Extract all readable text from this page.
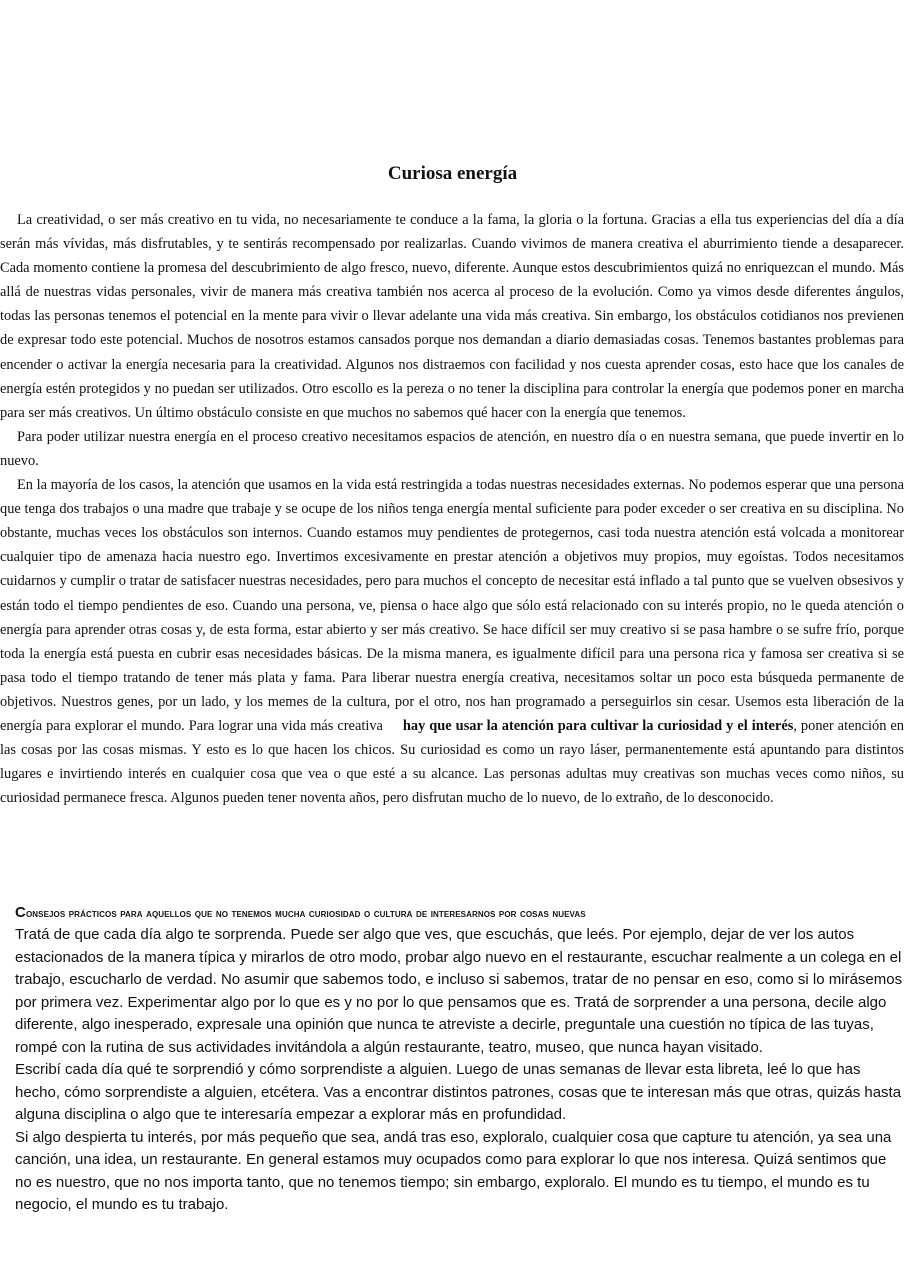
Curiosa energía

La creatividad, o ser más creativo en tu vida, no necesariamente te conduce a la fama, la gloria o la fortuna. Gracias a ella tus experiencias del día a día serán más vívidas, más disfrutables, y te sentirás recompensado por realizarlas. Cuando vivimos de manera creativa el aburrimiento tiende a desaparecer. Cada momento contiene la promesa del descubrimiento de algo fresco, nuevo, diferente. Aunque estos descubrimientos quizá no enriquezcan el mundo. Más allá de nuestras vidas personales, vivir de manera más creativa también nos acerca al proceso de la evolución. Como ya vimos desde diferentes ángulos, todas las personas tenemos el potencial en la mente para vivir o llevar adelante una vida más creativa. Sin embargo, los obstáculos cotidianos nos previenen de expresar todo este potencial. Muchos de nosotros estamos cansados porque nos demandan a diario demasiadas cosas. Tenemos bastantes problemas para encender o activar la energía necesaria para la creatividad. Algunos nos distraemos con facilidad y nos cuesta aprender cosas, esto hace que los canales de energía estén protegidos y no puedan ser utilizados. Otro escollo es la pereza o no tener la disciplina para controlar la energía que podemos poner en marcha para ser más creativos. Un último obstáculo consiste en que muchos no sabemos qué hacer con la energía que tenemos.

Para poder utilizar nuestra energía en el proceso creativo necesitamos espacios de atención, en nuestro día o en nuestra semana, que puede invertir en lo nuevo.

En la mayoría de los casos, la atención que usamos en la vida está restringida a todas nuestras necesidades externas. No podemos esperar que una persona que tenga dos trabajos o una madre que trabaje y se ocupe de los niños tenga energía mental suficiente para poder exceder o ser creativa en su disciplina. No obstante, muchas veces los obstáculos son internos. Cuando estamos muy pendientes de protegernos, casi toda nuestra atención está volcada a monitorear cualquier tipo de amenaza hacia nuestro ego. Invertimos excesivamente en prestar atención a objetivos muy propios, muy egoístas. Todos necesitamos cuidarnos y cumplir o tratar de satisfacer nuestras necesidades, pero para muchos el concepto de necesitar está inflado a tal punto que se vuelven obsesivos y están todo el tiempo pendientes de eso. Cuando una persona, ve, piensa o hace algo que sólo está relacionado con su interés propio, no le queda atención o energía para aprender otras cosas y, de esta forma, estar abierto y ser más creativo. Se hace difícil ser muy creativo si se pasa hambre o se sufre frío, porque toda la energía está puesta en cubrir esas necesidades básicas. De la misma manera, es igualmente difícil para una persona rica y famosa ser creativa si se pasa todo el tiempo tratando de tener más plata y fama. Para liberar nuestra energía creativa, necesitamos soltar un poco esta búsqueda permanente de objetivos. Nuestros genes, por un lado, y los memes de la cultura, por el otro, nos han programado a perseguirlos sin cesar. Usemos esta liberación de la energía para explorar el mundo. Para lograr una vida más creativa hay que usar la atención para cultivar la curiosidad y el interés, poner atención en las cosas por las cosas mismas. Y esto es lo que hacen los chicos. Su curiosidad es como un rayo láser, permanentemente está apuntando para distintos lugares e invirtiendo interés en cualquier cosa que vea o que esté a su alcance. Las personas adultas muy creativas son muchas veces como niños, su curiosidad permanece fresca. Algunos pueden tener noventa años, pero disfrutan mucho de lo nuevo, de lo extraño, de lo desconocido.

Consejos prácticos para aquellos que no tenemos mucha curiosidad o cultura de interesarnos por cosas nuevas

Tratá de que cada día algo te sorprenda. Puede ser algo que ves, que escuchás, que leés. Por ejemplo, dejar de ver los autos estacionados de la manera típica y mirarlos de otro modo, probar algo nuevo en el restaurante, escuchar realmente a un colega en el trabajo, escucharlo de verdad. No asumir que sabemos todo, e incluso si sabemos, tratar de no pensar en eso, como si lo mirásemos por primera vez. Experimentar algo por lo que es y no por lo que pensamos que es. Tratá de sorprender a una persona, decile algo diferente, algo inesperado, expresale una opinión que nunca te atreviste a decirle, preguntale una cuestión no típica de las tuyas, rompé con la rutina de sus actividades invitándola a algún restaurante, teatro, museo, que nunca hayan visitado.

Escribí cada día qué te sorprendió y cómo sorprendiste a alguien. Luego de unas semanas de llevar esta libreta, leé lo que has hecho, cómo sorprendiste a alguien, etcétera. Vas a encontrar distintos patrones, cosas que te interesan más que otras, quizás hasta alguna disciplina o algo que te interesaría empezar a explorar más en profundidad.

Si algo despierta tu interés, por más pequeño que sea, andá tras eso, exploralo, cualquier cosa que capture tu atención, ya sea una canción, una idea, un restaurante. En general estamos muy ocupados como para explorar lo que nos interesa. Quizá sentimos que no es nuestro, que no nos importa tanto, que no tenemos tiempo; sin embargo, exploralo. El mundo es tu tiempo, el mundo es tu negocio, el mundo es tu trabajo.
